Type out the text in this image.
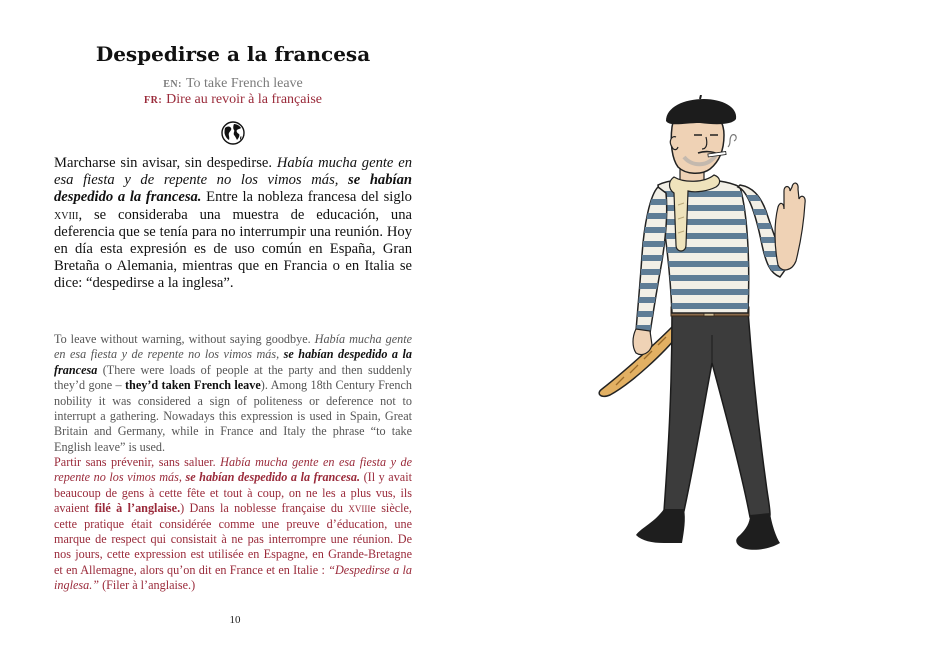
Despedirse a la francesa
EN: To take French leave
FR: Dire au revoir à la française
Marcharse sin avisar, sin despedirse. Había mucha gente en esa fiesta y de repente no los vimos más, se habían despedido a la francesa. Entre la nobleza francesa del siglo xviii, se consideraba una muestra de educación, una deferencia que se tenía para no interrumpir una reunión. Hoy en día esta expresión es de uso común en España, Gran Bretaña o Alemania, mientras que en Francia o en Italia se dice: “despedirse a la inglesa”.
To leave without warning, without saying goodbye. Había mucha gente en esa fiesta y de repente no los vimos más, se habían despedido a la francesa (There were loads of people at the party and then suddenly they’d gone – they’d taken French leave). Among 18th Century French nobility it was considered a sign of politeness or deference not to interrupt a gathering. Nowadays this expression is used in Spain, Great Britain and Germany, while in France and Italy the phrase “to take English leave” is used.
Partir sans prévenir, sans saluer. Había mucha gente en esa fiesta y de repente no los vimos más, se habían despedido a la francesa. (Il y avait beaucoup de gens à cette fête et tout à coup, on ne les a plus vus, ils avaient filé à l’anglaise.) Dans la noblesse française du xviiie siècle, cette pratique était considérée comme une preuve d’éducation, une marque de respect qui consistait à ne pas interrompre une réunion. De nos jours, cette expression est utilisée en Espagne, en Grande-Bretagne et en Allemagne, alors qu’on dit en France et en Italie : “Despedirse a la inglesa.” (Filer à l’anglaise.)
10
